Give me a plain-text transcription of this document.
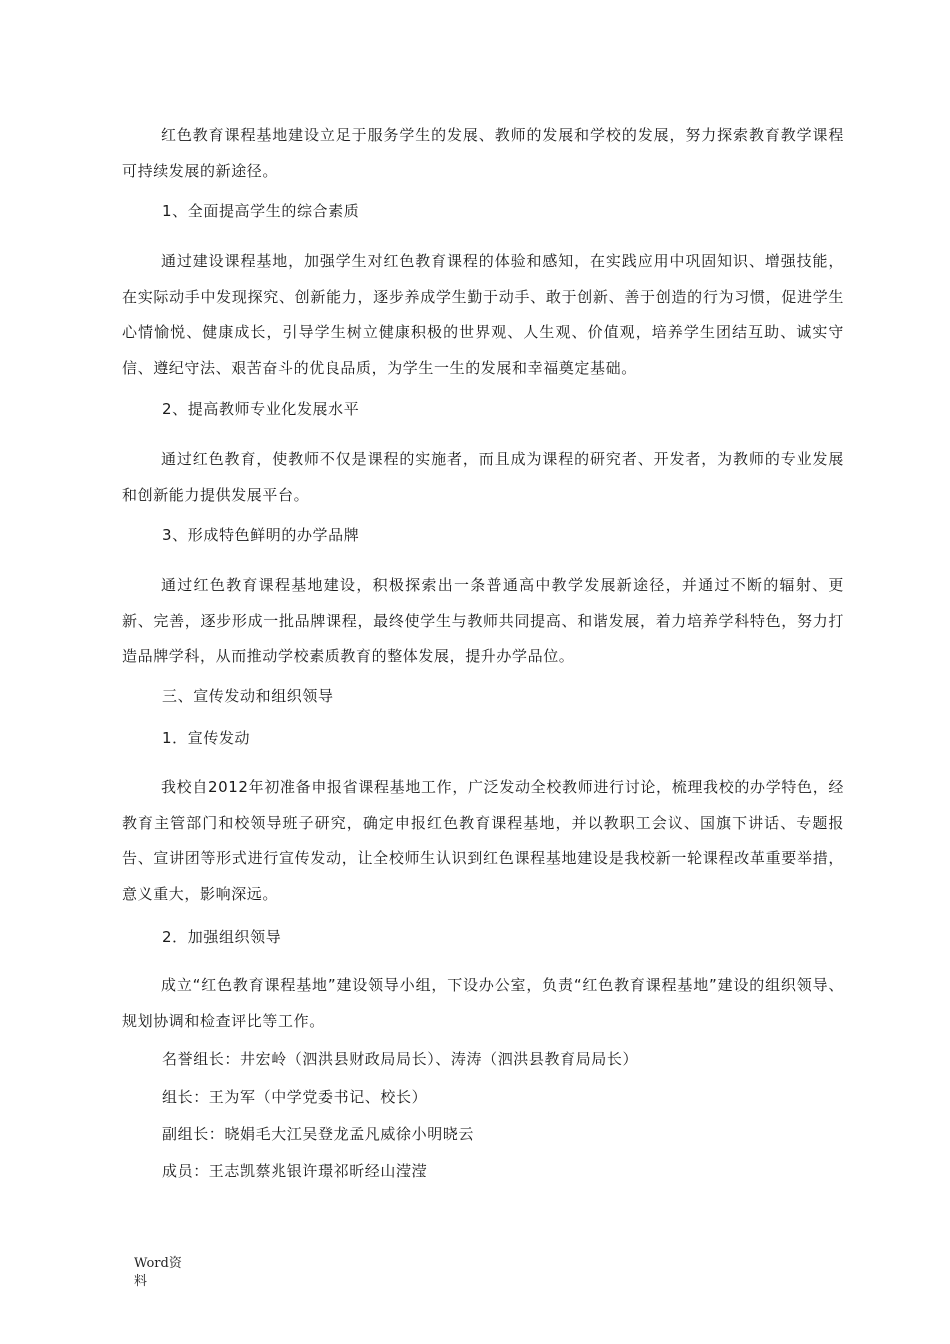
红色教育课程基地建设立足于服务学生的发展、教师的发展和学校的发展，努力探索教育教学课程可持续发展的新途径。

1、全面提高学生的综合素质

通过建设课程基地，加强学生对红色教育课程的体验和感知，在实践应用中巩固知识、增强技能，在实际动手中发现探究、创新能力，逐步养成学生勤于动手、敢于创新、善于创造的行为习惯，促进学生心情愉悦、健康成长，引导学生树立健康积极的世界观、人生观、价值观，培养学生团结互助、诚实守信、遵纪守法、艰苦奋斗的优良品质，为学生一生的发展和幸福奠定基础。

2、提高教师专业化发展水平

通过红色教育，使教师不仅是课程的实施者，而且成为课程的研究者、开发者，为教师的专业发展和创新能力提供发展平台。

3、形成特色鲜明的办学品牌

通过红色教育课程基地建设，积极探索出一条普通高中教学发展新途径，并通过不断的辐射、更新、完善，逐步形成一批品牌课程，最终使学生与教师共同提高、和谐发展，着力培养学科特色，努力打造品牌学科，从而推动学校素质教育的整体发展，提升办学品位。

三、宣传发动和组织领导

1．宣传发动

我校自2012年初准备申报省课程基地工作，广泛发动全校教师进行讨论，梳理我校的办学特色，经教育主管部门和校领导班子研究，确定申报红色教育课程基地，并以教职工会议、国旗下讲话、专题报告、宣讲团等形式进行宣传发动，让全校师生认识到红色课程基地建设是我校新一轮课程改革重要举措，意义重大，影响深远。

2．加强组织领导

成立“红色教育课程基地”建设领导小组，下设办公室，负责“红色教育课程基地”建设的组织领导、规划协调和检查评比等工作。

名誉组长：井宏岭（泗洪县财政局局长）、涛涛（泗洪县教育局局长）

组长：王为军（中学党委书记、校长）

副组长：晓娟毛大江吴登龙孟凡威徐小明晓云

成员：王志凯蔡兆银许璟祁昕经山滢滢

Word资料
